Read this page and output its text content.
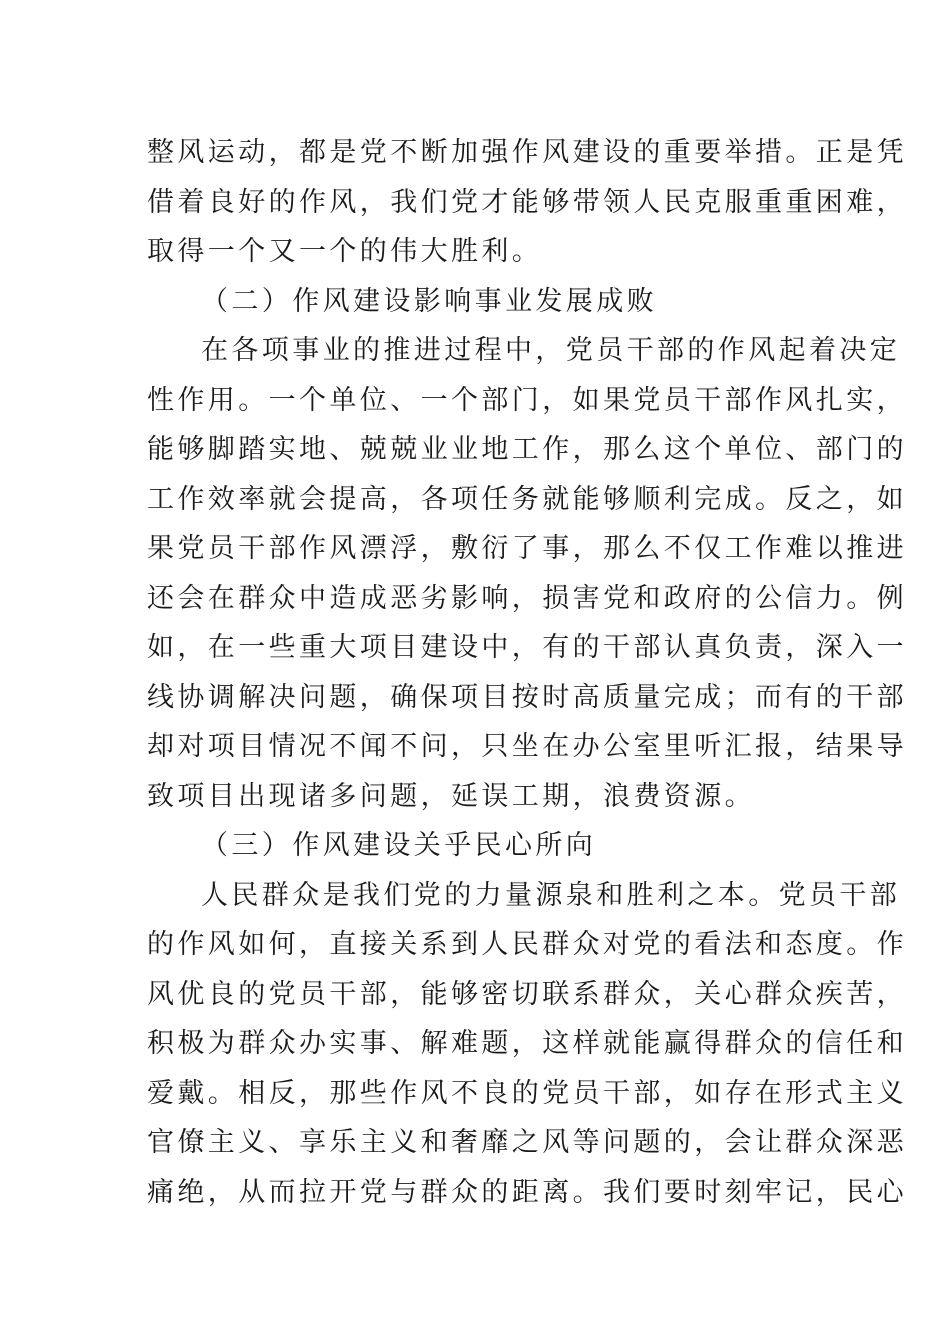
整风运动，都是党不断加强作风建设的重要举措。正是凭
借着良好的作风，我们党才能够带领人民克服重重困难，
取得一个又一个的伟大胜利。
（二）作风建设影响事业发展成败
在各项事业的推进过程中，党员干部的作风起着决定
性作用。一个单位、一个部门，如果党员干部作风扎实，
能够脚踏实地、兢兢业业地工作，那么这个单位、部门的
工作效率就会提高，各项任务就能够顺利完成。反之，如
果党员干部作风漂浮，敷衍了事，那么不仅工作难以推进
还会在群众中造成恶劣影响，损害党和政府的公信力。例
如，在一些重大项目建设中，有的干部认真负责，深入一
线协调解决问题，确保项目按时高质量完成；而有的干部
却对项目情况不闻不问，只坐在办公室里听汇报，结果导
致项目出现诸多问题，延误工期，浪费资源。
（三）作风建设关乎民心所向
人民群众是我们党的力量源泉和胜利之本。党员干部
的作风如何，直接关系到人民群众对党的看法和态度。作
风优良的党员干部，能够密切联系群众，关心群众疾苦，
积极为群众办实事、解难题，这样就能赢得群众的信任和
爱戴。相反，那些作风不良的党员干部，如存在形式主义
官僚主义、享乐主义和奢靡之风等问题的，会让群众深恶
痛绝，从而拉开党与群众的距离。我们要时刻牢记，民心
